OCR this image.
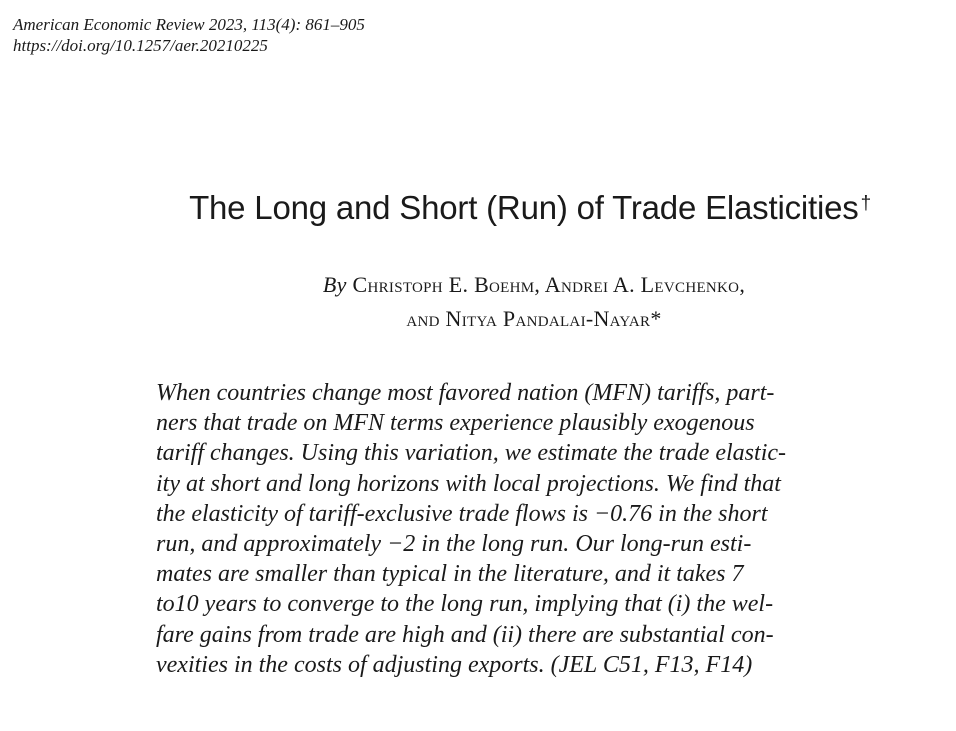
American Economic Review 2023, 113(4): 861–905
https://doi.org/10.1257/aer.20210225
The Long and Short (Run) of Trade Elasticities †
By Christoph E. Boehm, Andrei A. Levchenko,
and Nitya Pandalai-Nayar*
When countries change most favored nation (MFN) tariffs, part-
ners that trade on MFN terms experience plausibly exogenous
tariff changes. Using this variation, we estimate the trade elastic-
ity at short and long horizons with local projections. We find that
the elasticity of tariff-exclusive trade flows is −0.76 in the short
run, and approximately −2 in the long run. Our long-run esti-
mates are smaller than typical in the literature, and it takes 7
to10 years to converge to the long run, implying that (i) the wel-
fare gains from trade are high and (ii) there are substantial con-
vexities in the costs of adjusting exports. (JEL C51, F13, F14)
